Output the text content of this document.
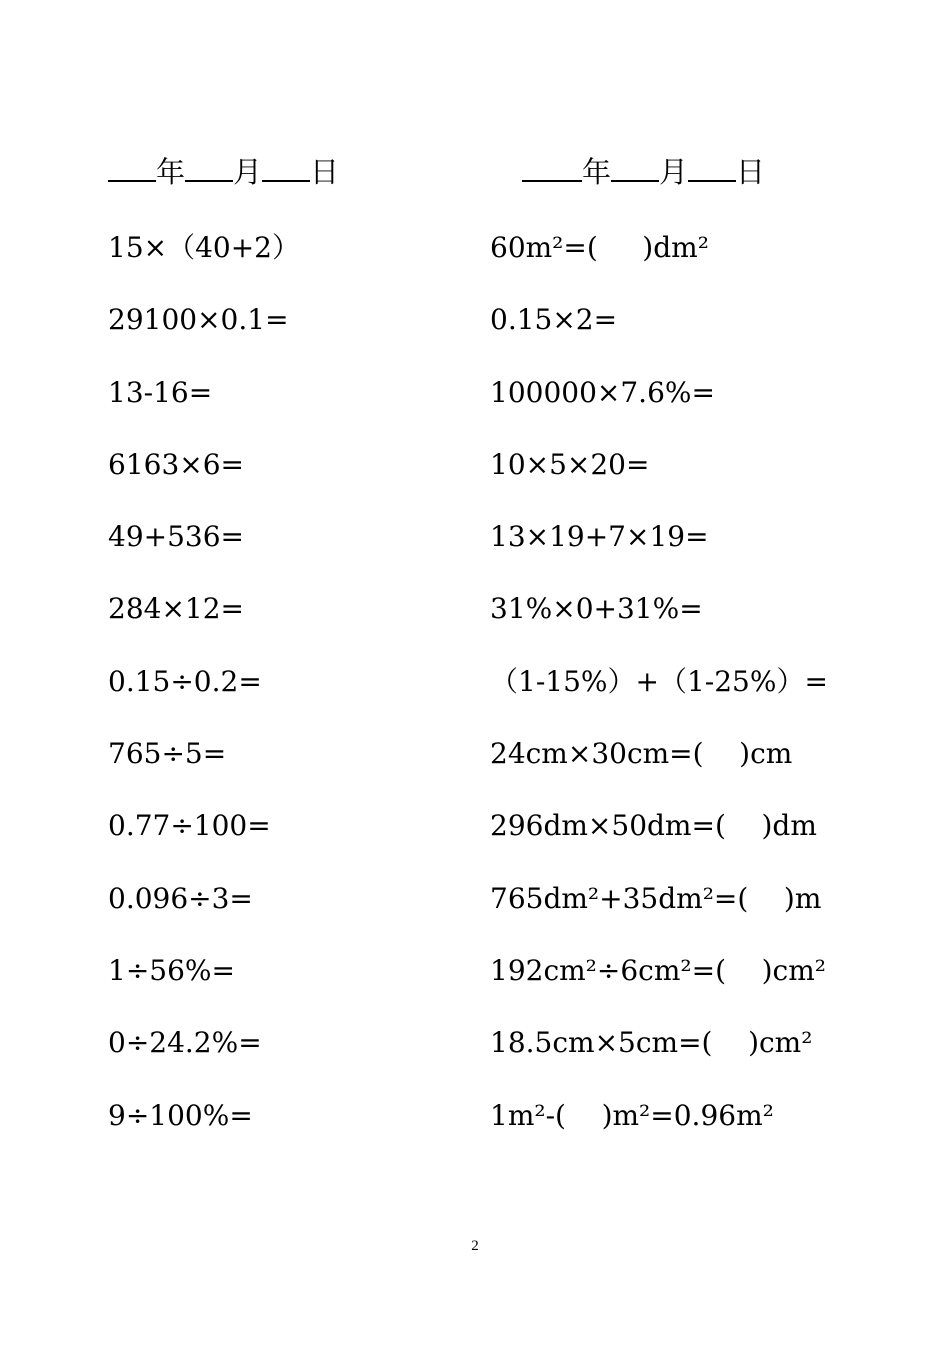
年 月 日	年 月 日
15×（40+2）	60m²=(     )dm²
29100×0.1=	0.15×2=
13-16=	100000×7.6%=
6163×6=	10×5×20=
49+536=	13×19+7×19=
284×12=	31%×0+31%=
0.15÷0.2=	（1-15%）+（1-25%）=
765÷5=	24cm×30cm=(    )cm
0.77÷100=	296dm×50dm=(    )dm
0.096÷3=	765dm²+35dm²=(    )m
1÷56%=	192cm²÷6cm²=(    )cm²
0÷24.2%=	18.5cm×5cm=(    )cm²
9÷100%=	1m²-(    )m²=0.96m²
2
